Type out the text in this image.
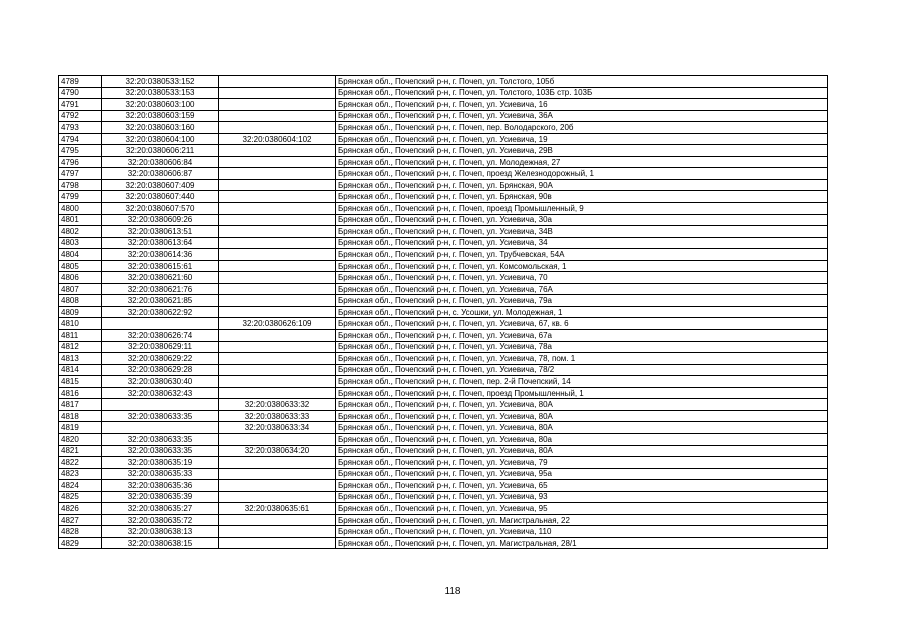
4789	32:20:0380533:152		Брянская обл., Почепский р-н, г. Почеп, ул. Толстого, 105б
4790	32:20:0380533:153		Брянская обл., Почепский р-н, г. Почеп, ул. Толстого, 103Б стр. 103Б
4791	32:20:0380603:100		Брянская обл., Почепский р-н, г. Почеп, ул. Усиевича, 16
4792	32:20:0380603:159		Брянская обл., Почепский р-н, г. Почеп, ул. Усиевича, 36А
4793	32:20:0380603:160		Брянская обл., Почепский р-н, г. Почеп, пер. Володарского, 20б
4794	32:20:0380604:100	32:20:0380604:102	Брянская обл., Почепский р-н, г. Почеп, ул. Усиевича, 19
4795	32:20:0380606:211		Брянская обл., Почепский р-н, г. Почеп, ул. Усиевича, 29В
4796	32:20:0380606:84		Брянская обл., Почепский р-н, г. Почеп, ул. Молодежная, 27
4797	32:20:0380606:87		Брянская обл., Почепский р-н, г. Почеп, проезд Железнодорожный, 1
4798	32:20:0380607:409		Брянская обл., Почепский р-н, г. Почеп, ул. Брянская, 90А
4799	32:20:0380607:440		Брянская обл., Почепский р-н, г. Почеп, ул. Брянская, 90в
4800	32:20:0380607:570		Брянская обл., Почепский р-н, г. Почеп, проезд Промышленный, 9
4801	32:20:0380609:26		Брянская обл., Почепский р-н, г. Почеп, ул. Усиевича, 30а
4802	32:20:0380613:51		Брянская обл., Почепский р-н, г. Почеп, ул. Усиевича, 34В
4803	32:20:0380613:64		Брянская обл., Почепский р-н, г. Почеп, ул. Усиевича, 34
4804	32:20:0380614:36		Брянская обл., Почепский р-н, г. Почеп, ул. Трубчевская, 54А
4805	32:20:0380615:61		Брянская обл., Почепский р-н, г. Почеп, ул. Комсомольская, 1
4806	32:20:0380621:60		Брянская обл., Почепский р-н, г. Почеп, ул. Усиевича, 70
4807	32:20:0380621:76		Брянская обл., Почепский р-н, г. Почеп, ул. Усиевича, 76А
4808	32:20:0380621:85		Брянская обл., Почепский р-н, г. Почеп, ул. Усиевича, 79а
4809	32:20:0380622:92		Брянская обл., Почепский р-н, с. Усошки, ул. Молодежная, 1
4810		32:20:0380626:109	Брянская обл., Почепский р-н, г. Почеп, ул. Усиевича, 67, кв. 6
4811	32:20:0380626:74		Брянская обл., Почепский р-н, г. Почеп, ул. Усиевича, 67а
4812	32:20:0380629:11		Брянская обл., Почепский р-н, г. Почеп, ул. Усиевича, 78а
4813	32:20:0380629:22		Брянская обл., Почепский р-н, г. Почеп, ул. Усиевича, 78, пом. 1
4814	32:20:0380629:28		Брянская обл., Почепский р-н, г. Почеп, ул. Усиевича, 78/2
4815	32:20:0380630:40		Брянская обл., Почепский р-н, г. Почеп, пер. 2-й Почепский, 14
4816	32:20:0380632:43		Брянская обл., Почепский р-н, г. Почеп, проезд Промышленный, 1
4817		32:20:0380633:32	Брянская обл., Почепский р-н, г. Почеп, ул. Усиевича, 80А
4818	32:20:0380633:35	32:20:0380633:33	Брянская обл., Почепский р-н, г. Почеп, ул. Усиевича, 80А
4819		32:20:0380633:34	Брянская обл., Почепский р-н, г. Почеп, ул. Усиевича, 80А
4820	32:20:0380633:35		Брянская обл., Почепский р-н, г. Почеп, ул. Усиевича, 80а
4821	32:20:0380633:35	32:20:0380634:20	Брянская обл., Почепский р-н, г. Почеп, ул. Усиевича, 80А
4822	32:20:0380635:19		Брянская обл., Почепский р-н, г. Почеп, ул. Усиевича, 79
4823	32:20:0380635:33		Брянская обл., Почепский р-н, г. Почеп, ул. Усиевича, 95а
4824	32:20:0380635:36		Брянская обл., Почепский р-н, г. Почеп, ул. Усиевича, 65
4825	32:20:0380635:39		Брянская обл., Почепский р-н, г. Почеп, ул. Усиевича, 93
4826	32:20:0380635:27	32:20:0380635:61	Брянская обл., Почепский р-н, г. Почеп, ул. Усиевича, 95
4827	32:20:0380635:72		Брянская обл., Почепский р-н, г. Почеп, ул. Магистральная, 22
4828	32:20:0380638:13		Брянская обл., Почепский р-н, г. Почеп, ул. Усиевича, 110
4829	32:20:0380638:15		Брянская обл., Почепский р-н, г. Почеп, ул. Магистральная, 28/1
118
